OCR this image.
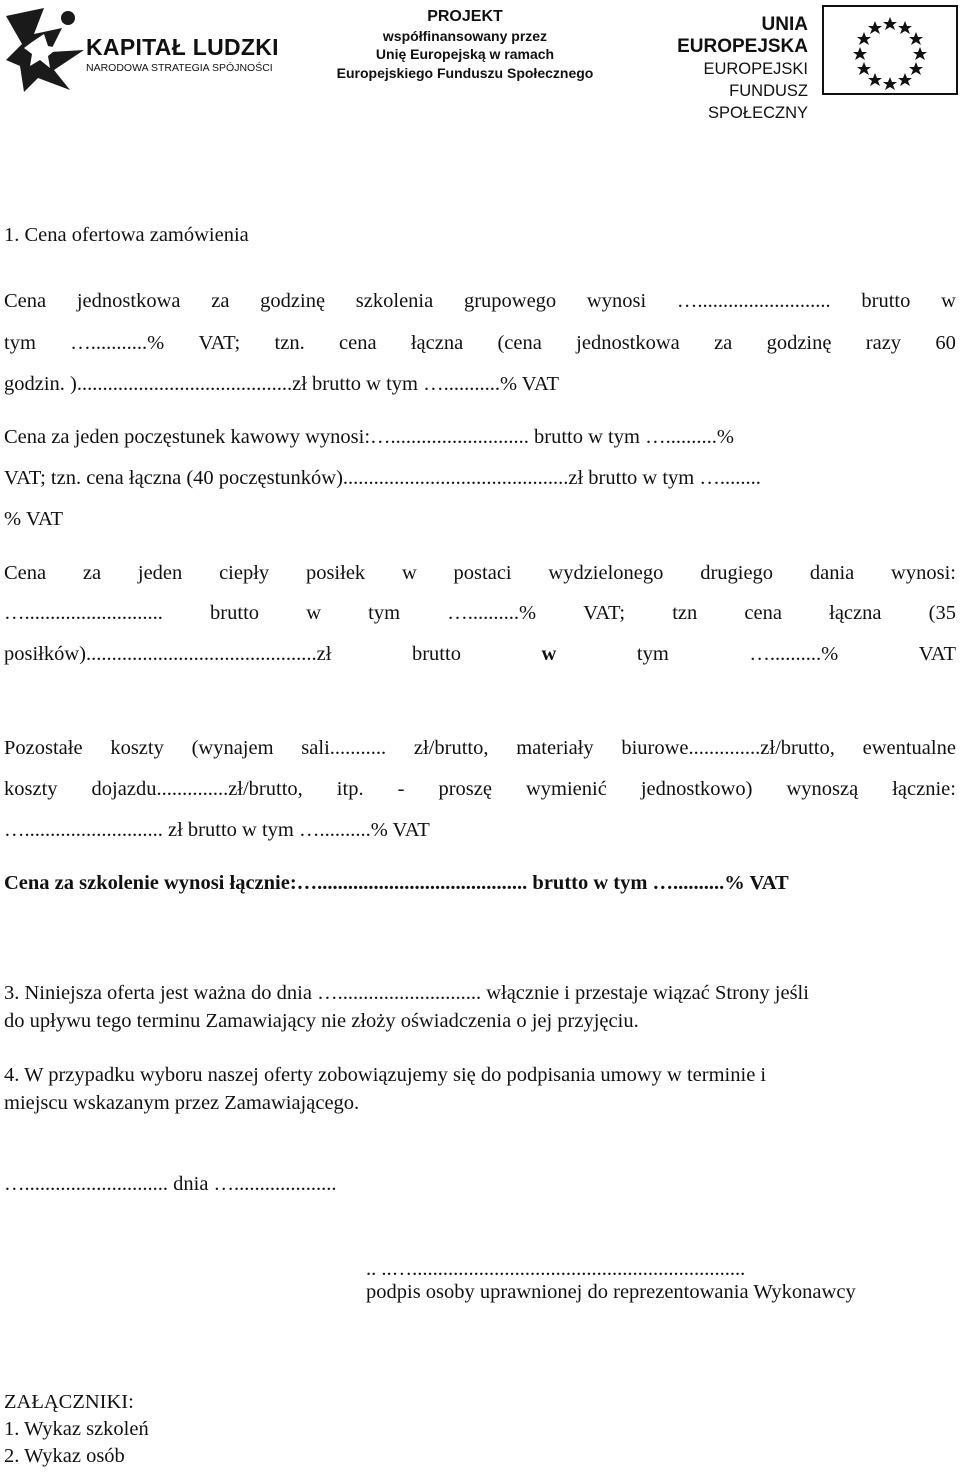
KAPITAŁ LUDZKI
NARODOWA STRATEGIA SPÓJNOŚCI
PROJEKT
współfinansowany przez
Unię Europejską w ramach
Europejskiego Funduszu Społecznego
UNIA EUROPEJSKA
EUROPEJSKI
FUNDUSZ SPOŁECZNY
1. Cena ofertowa zamówienia
Cena jednostkowa za godzinę szkolenia grupowego wynosi ….......................... brutto w
tym …...........% VAT; tzn. cena łączna (cena jednostkowa za godzinę razy 60
godzin. )..........................................zł brutto w tym …...........% VAT
Cena za jeden poczęstunek kawowy wynosi:…........................... brutto w tym …..........%
VAT; tzn. cena łączna (40 poczęstunków)............................................zł brutto w tym …........
% VAT
Cena za jeden ciepły posiłek w postaci wydzielonego drugiego dania wynosi:
…........................... brutto w tym …..........% VAT; tzn cena łączna (35
posiłków).............................................zł	brutto	w	tym	…..........%	VAT
Pozostałe koszty (wynajem sali........... zł/brutto, materiały biurowe..............zł/brutto, ewentualne
koszty dojazdu..............zł/brutto, itp. - proszę wymienić jednostkowo) wynoszą łącznie:
…........................... zł brutto w tym …..........% VAT
Cena za szkolenie wynosi łącznie:…......................................... brutto w tym …..........% VAT
3. Niniejsza oferta jest ważna do dnia …............................ włącznie i przestaje wiązać Strony jeśli
do upływu tego terminu Zamawiający nie złoży oświadczenia o jej przyjęciu.
4. W przypadku wyboru naszej oferty zobowiązujemy się do podpisania umowy w terminie i
miejscu wskazanym przez Zamawiającego.
…............................ dnia …....................
.. ..….................................................................
podpis osoby uprawnionej do reprezentowania Wykonawcy
ZAŁĄCZNIKI:
1. Wykaz szkoleń
2. Wykaz osób
